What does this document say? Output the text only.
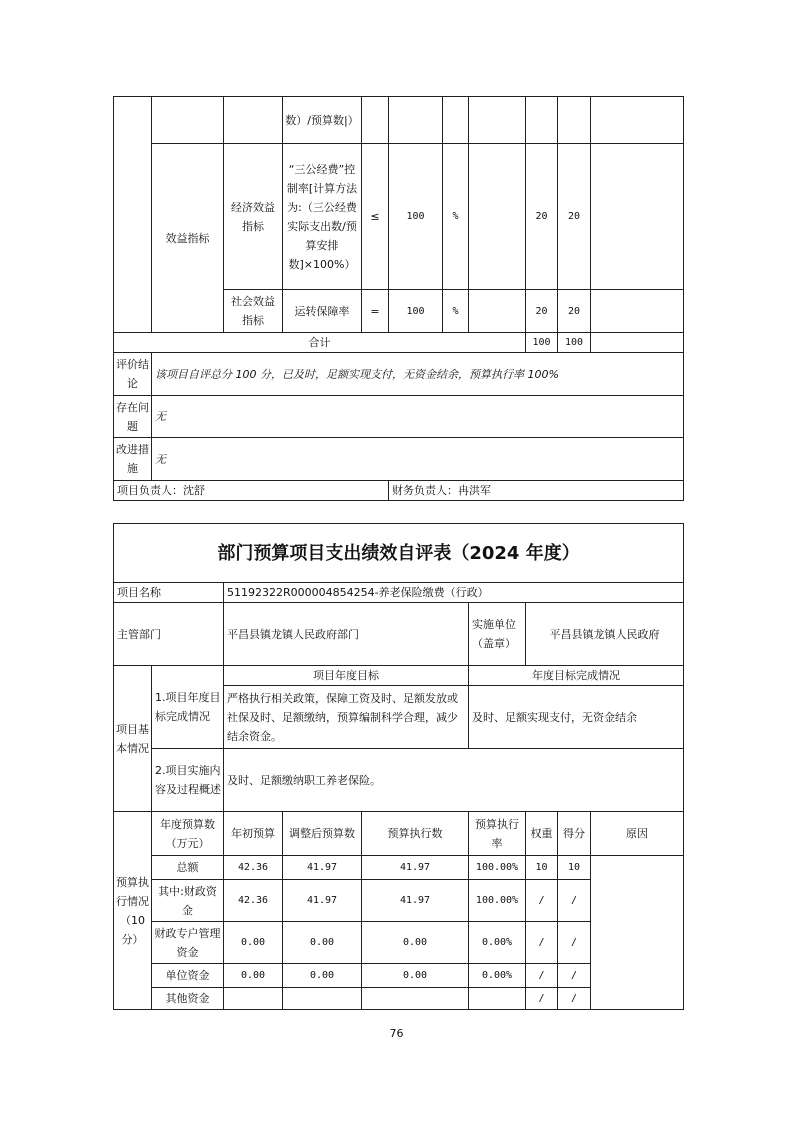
			数）/预算数|）							
	效益指标	经济效益指标	“三公经费”控制率[计算方法为:（三公经费实际支出数/预算安排数]×100%）	≤	100	%		20	20	
		社会效益指标	运转保障率	=	100	%		20	20	
合计								100	100	
评价结论	该项目自评总分 100 分，已及时，足额实现支付，无资金结余，预算执行率 100%									
存在问题	无									
改进措施	无									
项目负责人：沈舒					财务负责人：冉洪军					
部门预算项目支出绩效自评表（2024 年度）								
项目名称		51192322R000004854254-养老保险缴费（行政）						
主管部门		平昌县镇龙镇人民政府部门			实施单位（盖章）	平昌县镇龙镇人民政府		
项目基本情况	1.项目年度目标完成情况	项目年度目标			年度目标完成情况			
		严格执行相关政策，保障工资及时、足额发放或社保及时、足额缴纳，预算编制科学合理，减少结余资金。			及时、足额实现支付，无资金结余			
	2.项目实施内容及过程概述	及时、足额缴纳职工养老保险。						
预算执行情况（10分）	年度预算数（万元）	年初预算	调整后预算数	预算执行数	预算执行率	权重	得分	原因
	总额	42.36	41.97	41.97	100.00%	10	10	
	其中:财政资金	42.36	41.97	41.97	100.00%	/	/	
	财政专户管理资金	0.00	0.00	0.00	0.00%	/	/	
	单位资金	0.00	0.00	0.00	0.00%	/	/	
	其他资金					/	/	
76
